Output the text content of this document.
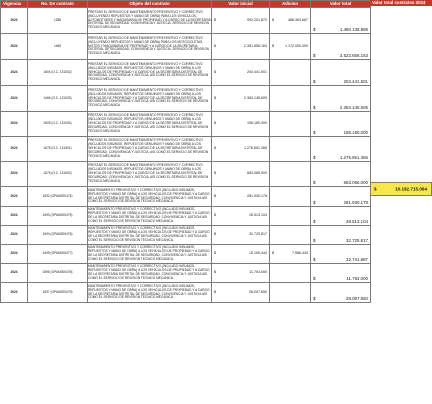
Vigencia	No. De contrato	Objeto del contrato	Valor inicial	Adicion	Valor total
2024	1286	PRESTAR EL SERVICIO DE MANTENIMIENTO PREVENTIVO Y CORRECTIVO (INCLUYENDO REPUESTOS Y MANO DE OBRA) PARA LOS VEHICULOS, AUTOMOTORES Y MAQUINARIA DE PROPIEDAD Y A CARGO DE LA SECRETARIA DISTRITAL DE SEGURIDAD, CONVIVENCIA Y JUSTICIA. SERVICIO DE REVISION TECNICO MECANICA.	$ 992.201.872	$ 488.363.667	$ 1.480.138.889

2024	1465	PRESTAR EL SERVICIO DE MANTENIMIENTO PREVENTIVO Y CORRECTIVO (INCLUYENDO REPUESTOS Y MANO DE OBRA) PARA LOS MOTOCICLETAS, MOTOS Y MAQUINARIA DE PROPIEDAD Y A CARGO DE LA SECRETARIA DISTRITAL DE SEGURIDAD, CONVIVENCIA Y JUSTICIA. SERVICIO DE REVISION TECNICO MECANICA.	$ 2.351.656.163	$ 1.172.000.000	$ 3.523.656.163

2024	1604 (O.C. 131532)	PRESTAR EL SERVICIO DE MANTENIMIENTO PREVENTIVO Y CORRECTIVO (INCLUIDOS INSUMOS, REPUESTOS GENUINOS Y MANO DE OBRA) A LOS VEHICULOS DE PROPIEDAD Y A CARGO DE LA SECRETARIA DISTRITAL DE SEGURIDAD, CONVIVENCIA Y JUSTICIA, ASI COMO EL SERVICIO DE REVISION TECNICO MECANICA.	$ 204.441.501		$ 204.441.501

2024	1466 (O.C. 131533)	PRESTAR EL SERVICIO DE MANTENIMIENTO PREVENTIVO Y CORRECTIVO (INCLUIDOS INSUMOS, REPUESTOS GENUINOS Y MANO DE OBRA) A LOS VEHICULOS DE PROPIEDAD Y A CARGO DE LA SECRETARIA DISTRITAL DE SEGURIDAD, CONVIVENCIA Y JUSTICIA, ASI COMO EL SERVICIO DE REVISION TECNICO MECANICA.	$ 2.363.145.605		$ 2.363.145.605

2024	1605 (O.C. 131534)	PRESTAR EL SERVICIO DE MANTENIMIENTO PREVENTIVO Y CORRECTIVO (INCLUIDOS INSUMOS, REPUESTOS GENUINOS Y MANO DE OBRA) A LOS VEHICULOS DE PROPIEDAD Y A CARGO DE LA SECRETARIA DISTRITAL DE SEGURIDAD, CONVIVENCIA Y JUSTICIA, ASI COMO EL SERVICIO DE REVISION TECNICO MECANICA.	$ 195.160.000		$ 195.160.000

2024	1675 (O.C. 131601)	PRESTAR EL SERVICIO DE MANTENIMIENTO PREVENTIVO Y CORRECTIVO (INCLUIDOS INSUMOS, REPUESTOS GENUINOS Y MANO DE OBRA) A LOS VEHICULOS DE PROPIEDAD Y A CARGO DE LA SECRETARIA DISTRITAL DE SEGURIDAD, CONVIVENCIA Y JUSTICIA, ASI COMO EL SERVICIO DE REVISION TECNICO MECANICA.	$ 1.276.651.365		$ 1.276.651.365

2024	1676 (O.C. 131602)	PRESTAR EL SERVICIO DE MANTENIMIENTO PREVENTIVO Y CORRECTIVO (INCLUIDOS INSUMOS, REPUESTOS GENUINOS Y MANO DE OBRA) A LOS VEHICULOS DE PROPIEDAD Y A CARGO DE LA SECRETARIA DISTRITAL DE SEGURIDAD, CONVIVENCIA Y JUSTICIA, ASI COMO EL SERVICIO DE REVISION TECNICO MECANICA.	$ 683.066.000		$ 683.066.000

2024	1692 (OPAM000474)	MANTENIMIENTO PREVENTIVO Y CORRECTIVO (INCLUIDO INSUMOS, REPUESTOS Y MANO DE OBRA) A LOS VEHICULOS DE PROPIEDAD Y A CARGO DE LA SECRETARIA DISTRITAL DE SEGURIDAD, CONVIVENCIA Y JUSTICIA ASI COMO EL SERVICIO DE REVISION TECNICO MECANICA.	$ 281.930.178		$ 281.930.178

2024	1693 (OPAM000475)	MANTENIMIENTO PREVENTIVO Y CORRECTIVO (INCLUIDO INSUMOS, REPUESTOS Y MANO DE OBRA) A LOS VEHICULOS DE PROPIEDAD Y A CARGO DE LA SECRETARIA DISTRITAL DE SEGURIDAD, CONVIVENCIA Y JUSTICIA ASI COMO EL SERVICIO DE REVISION TECNICO MECANICA.	$ 28.513.104		$ 28.513.104

2024	1694 (OPAM000476)	MANTENIMIENTO PREVENTIVO Y CORRECTIVO (INCLUIDO INSUMOS, REPUESTOS Y MANO DE OBRA) A LOS VEHICULOS DE PROPIEDAD Y A CARGO DE LA SECRETARIA DISTRITAL DE SEGURIDAD, CONVIVENCIA Y JUSTICIA ASI COMO EL SERVICIO DE REVISION TECNICO MECANICA.	$ 32.725.817		$ 32.725.817

2024	1695 (OPAM000477)	MANTENIMIENTO PREVENTIVO Y CORRECTIVO (INCLUIDO INSUMOS, REPUESTOS Y MANO DE OBRA) A LOS VEHICULOS DE PROPIEDAD Y A CARGO DE LA SECRETARIA DISTRITAL DE SEGURIDAD, CONVIVENCIA Y JUSTICIA ASI COMO EL SERVICIO DE REVISION TECNICO MECANICA.	$ 15.155.444	$ 7.586.443	$ 22.741.887

2024	1696 (OPAM000478)	MANTENIMIENTO PREVENTIVO Y CORRECTIVO (INCLUIDO INSUMOS, REPUESTOS Y MANO DE OBRA) A LOS VEHICULOS DE PROPIEDAD Y A CARGO DE LA SECRETARIA DISTRITAL DE SEGURIDAD, CONVIVENCIA Y JUSTICIA ASI COMO EL SERVICIO DE REVISION TECNICO MECANICA.	$ 11.754.000		$ 11.754.000

2024	1697 (OPAM000479)	MANTENIMIENTO PREVENTIVO Y CORRECTIVO (INCLUIDO INSUMOS, REPUESTOS Y MANO DE OBRA) A LOS VEHICULOS DE PROPIEDAD Y A CARGO DE LA SECRETARIA DISTRITAL DE SEGURIDAD, CONVIVENCIA Y JUSTICIA ASI COMO EL SERVICIO DE REVISION TECNICO MECANICA.	$ 28.097.650		$ 28.097.650
Valor total contratos 2024
$	10.192.715.064
